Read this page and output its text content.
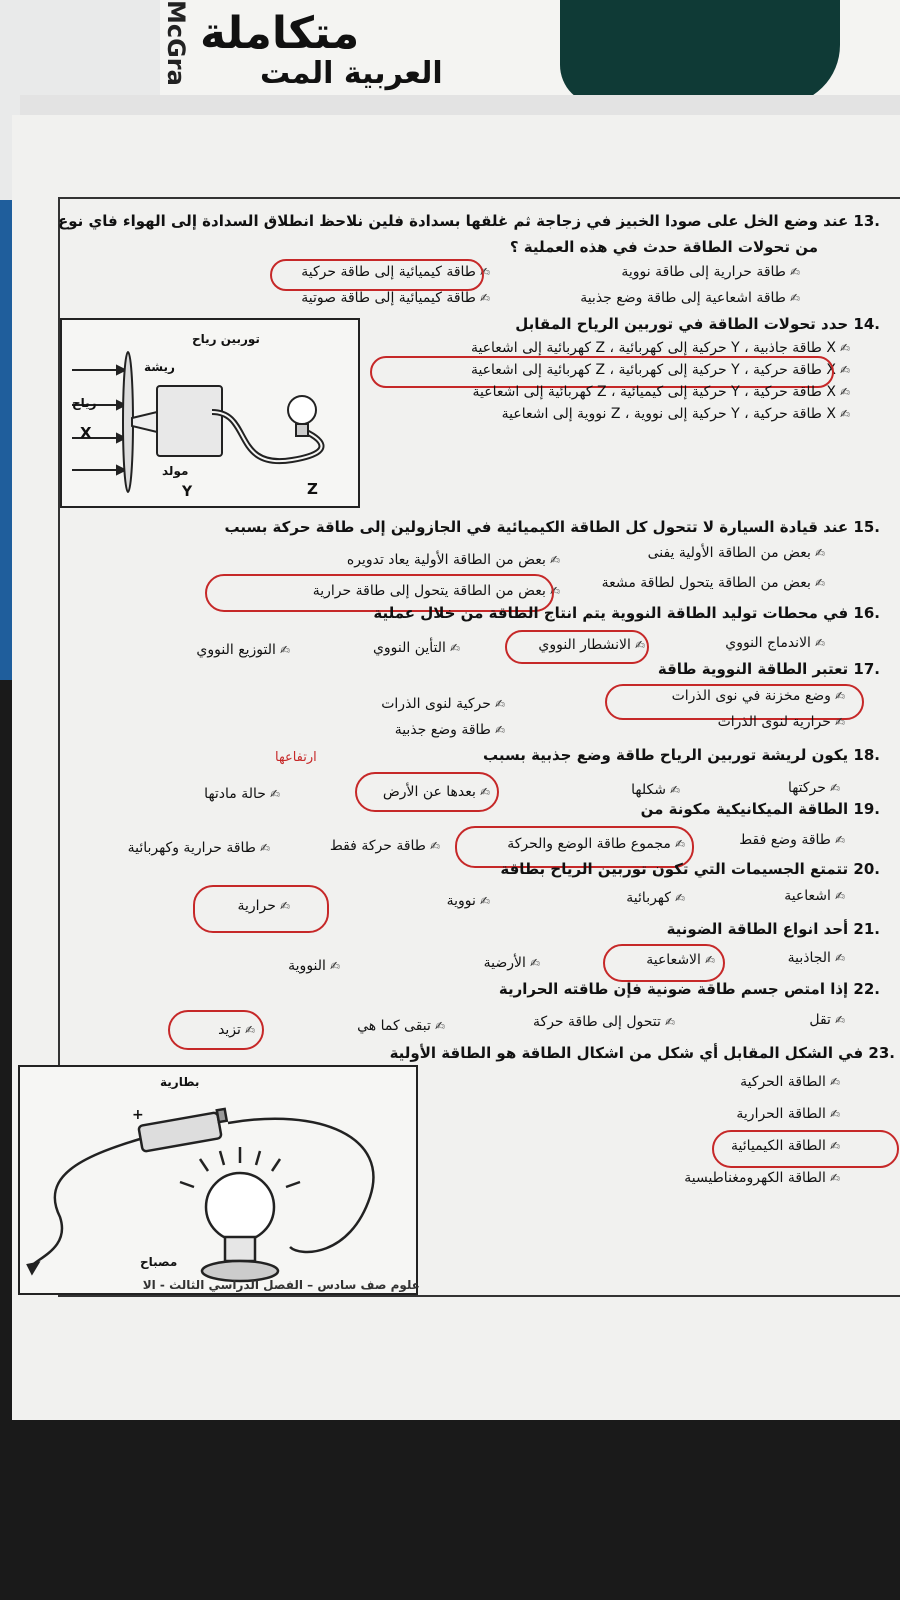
McGra متكاملة
العربية المت
.13 عند وضع الخل على صودا الخبيز في زجاجة ثم غلقها بسدادة فلين نلاحظ انطلاق السدادة إلى الهواء فاي نوع
من تحولات الطاقة حدث في هذه العملية ؟
✍طاقة حرارية إلى طاقة نووية
✍طاقة كيميائية إلى طاقة حركية
✍طاقة اشعاعية إلى طاقة وضع جذبية
✍طاقة كيميائية إلى طاقة صوتية
.14 حدد تحولات الطاقة في توربين الرياح المقابل
✍X طاقة جاذبية ، Y حركية إلى كهربائية ، Z كهربائية إلى اشعاعية
✍X طاقة حركية ، Y حركية إلى كهربائية ، Z كهربائية إلى اشعاعية
✍X طاقة حركية ، Y حركية إلى كيميائية ، Z كهربائية إلى اشعاعية
✍X طاقة حركية ، Y حركية إلى نووية ، Z نووية إلى اشعاعية
توربين رياح
ريشة
رياح
X
مولد
Y	Z
.15 عند قيادة السيارة لا تتحول كل الطاقة الكيميائية في الجازولين إلى طاقة حركة بسبب
✍بعض من الطاقة الأولية يفنى
✍بعض من الطاقة الأولية يعاد تدويره
✍بعض من الطاقة يتحول لطاقة مشعة
✍بعض من الطاقة يتحول إلى طاقة حرارية
.16 في محطات توليد الطاقة النووية يتم انتاج الطاقة من خلال عملية
✍الاندماج النووي
✍الانشطار النووي
✍التأين النووي
✍التوزيع النووي
.17 تعتبر الطاقة النووية طاقة
✍وضع مخزنة في نوى الذرات
✍حركية لنوى الذرات
✍حرارية لنوى الذرات
✍طاقة وضع جذبية
.18 يكون لريشة توربين الرياح طاقة وضع جذبية بسبب
ارتفاعها
✍حركتها
✍شكلها
✍بعدها عن الأرض
✍حالة مادتها
.19 الطاقة الميكانيكية مكونة من
✍طاقة وضع فقط
✍مجموع طاقة الوضع والحركة
✍طاقة حركة فقط
✍طاقة حرارية وكهربائية
.20 تتمتع الجسيمات التي تكون توربين الرياح بطاقة
✍اشعاعية
✍كهربائية
✍نووية
✍حرارية
.21 أحد انواع الطاقة الضونية
✍الجاذبية
✍الاشعاعية
✍الأرضية
✍النووية
.22 إذا امتص جسم طاقة ضونية فإن طاقته الحرارية
✍تقل
✍تتحول إلى طاقة حركة
✍تبقى كما هي
✍تزيد
.23 في الشكل المقابل أي شكل من اشكال الطاقة هو الطاقة الأولية
✍الطاقة الحركية
✍الطاقة الحرارية
✍الطاقة الكيميائية
✍الطاقة الكهرومغناطيسية
بطارية
+
مصباح
علوم صف سادس – الفصل الدراسي الثالث - الا
